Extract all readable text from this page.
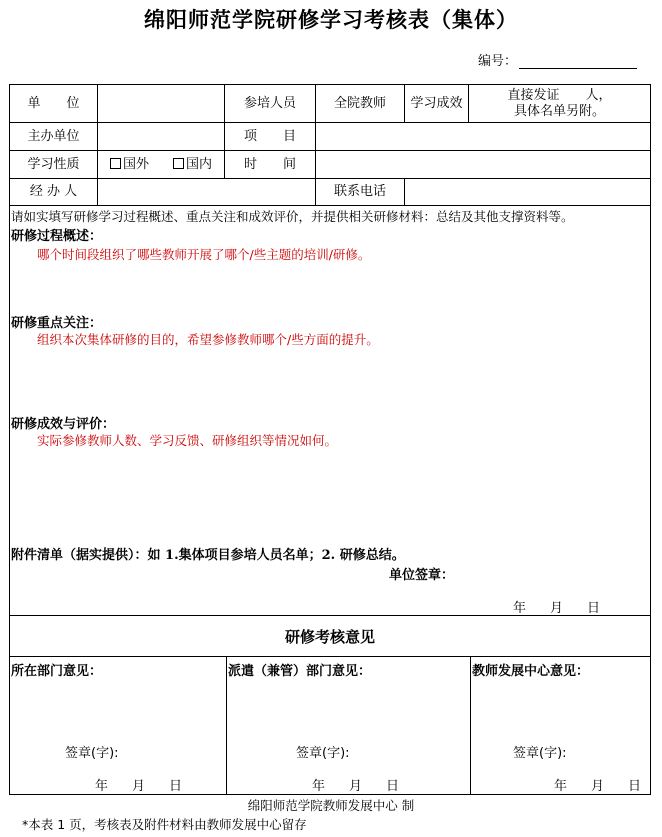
绵阳师范学院研修学习考核表（集体）
编号：
单　　位	参培人员	全院教师	学习成效
直接发证　　人，
具体名单另附。
主办单位	项　　目
学习性质	国外	国内	时　　间
经 办 人	联系电话
请如实填写研修学习过程概述、重点关注和成效评价，并提供相关研修材料：总结及其他支撑资料等。
研修过程概述：
哪个时间段组织了哪些教师开展了哪个/些主题的培训/研修。
研修重点关注：
组织本次集体研修的目的，希望参修教师哪个/些方面的提升。
研修成效与评价：
实际参修教师人数、学习反馈、研修组织等情况如何。
附件清单（据实提供）：如 1.集体项目参培人员名单；2. 研修总结。
单位签章：
年 月 日
研修考核意见
所在部门意见：
签章(字):
年 月 日
派遣（兼管）部门意见：
签章(字):
年 月 日
教师发展中心意见：
签章(字):
年 月 日
绵阳师范学院教师发展中心 制
*本表 1 页，考核表及附件材料由教师发展中心留存
